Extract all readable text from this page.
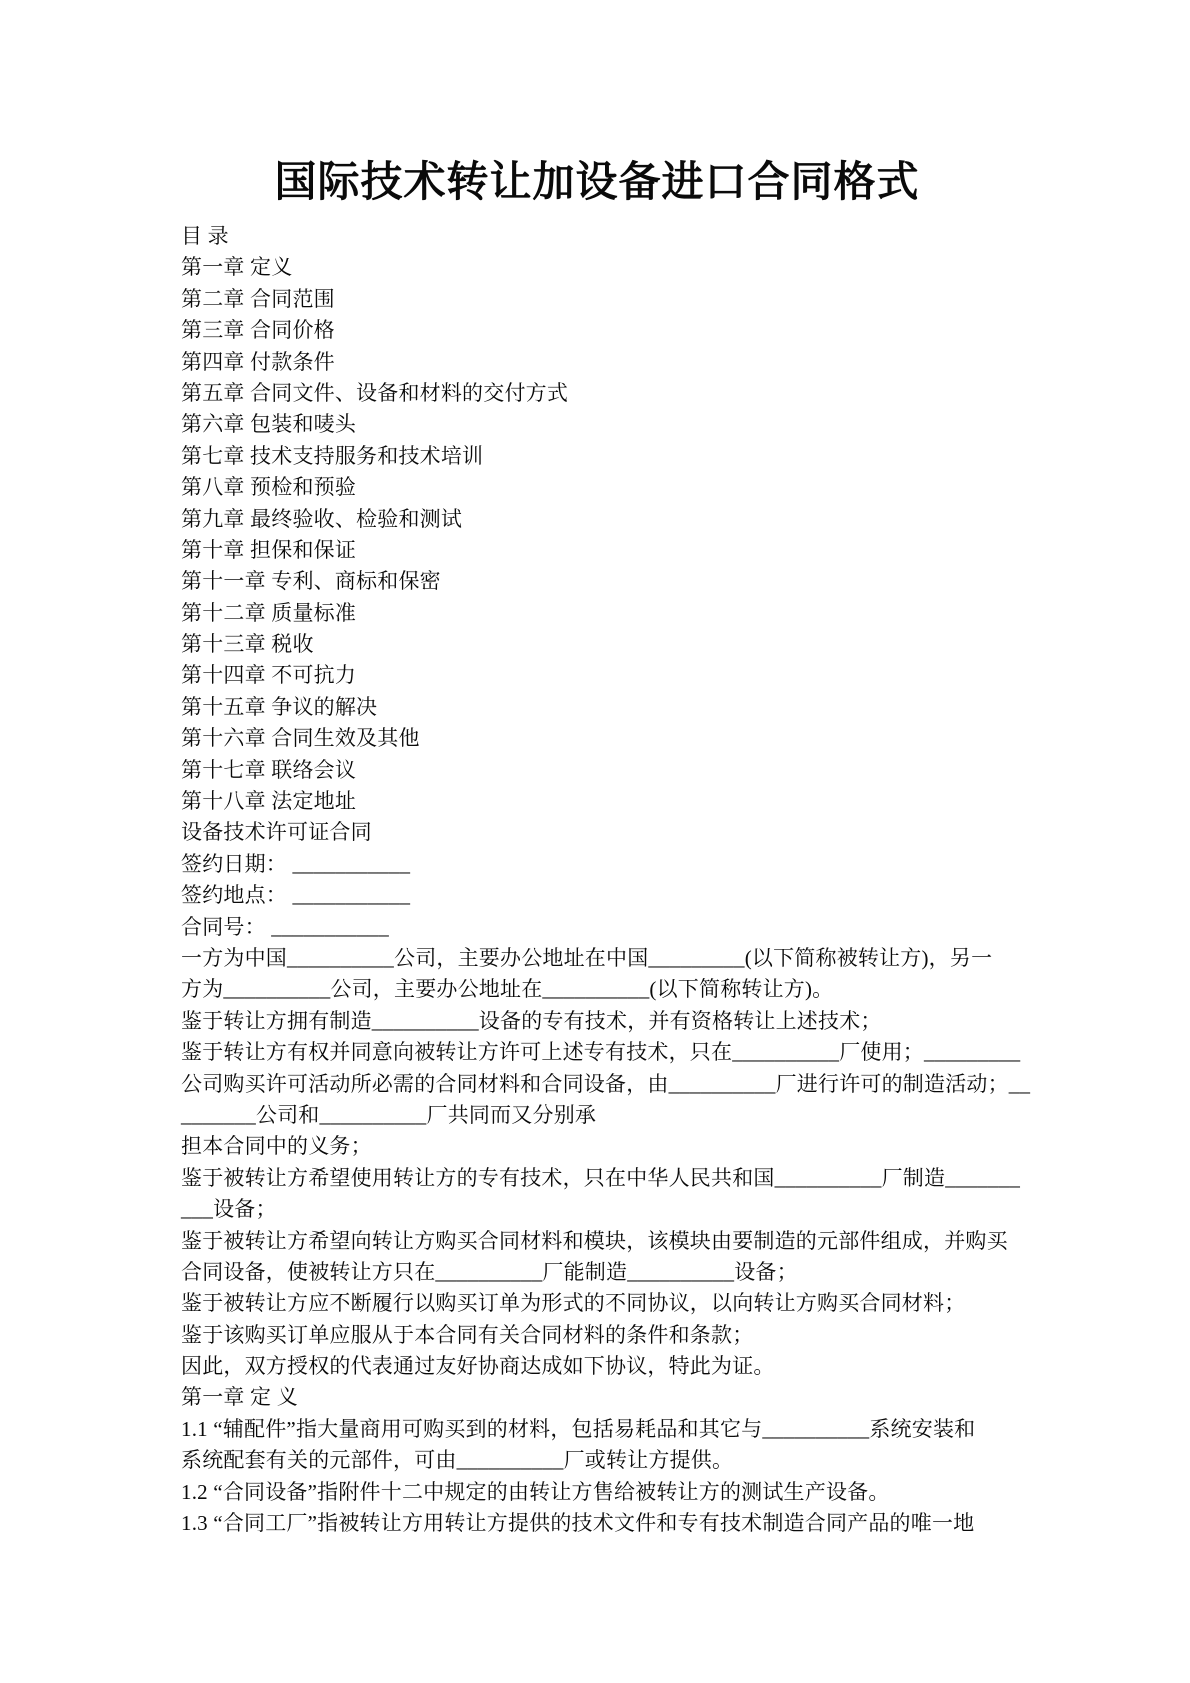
国际技术转让加设备进口合同格式
目 录
第一章 定义
第二章 合同范围
第三章 合同价格
第四章 付款条件
第五章 合同文件、设备和材料的交付方式
第六章 包装和唛头
第七章 技术支持服务和技术培训
第八章 预检和预验
第九章 最终验收、检验和测试
第十章 担保和保证
第十一章 专利、商标和保密
第十二章 质量标准
第十三章 税收
第十四章 不可抗力
第十五章 争议的解决
第十六章 合同生效及其他
第十七章 联络会议
第十八章 法定地址
设备技术许可证合同
签约日期： ___________
签约地点： ___________
合同号： ___________
一方为中国__________公司，主要办公地址在中国_________(以下简称被转让方)，另一
方为__________公司，主要办公地址在__________(以下简称转让方)。
鉴于转让方拥有制造__________设备的专有技术，并有资格转让上述技术；
鉴于转让方有权并同意向被转让方许可上述专有技术，只在__________厂使用；_________
公司购买许可活动所必需的合同材料和合同设备，由__________厂进行许可的制造活动；__
_______公司和__________厂共同而又分别承
担本合同中的义务；
鉴于被转让方希望使用转让方的专有技术，只在中华人民共和国__________厂制造_______
___设备；
鉴于被转让方希望向转让方购买合同材料和模块，该模块由要制造的元部件组成，并购买
合同设备，使被转让方只在__________厂能制造__________设备；
鉴于被转让方应不断履行以购买订单为形式的不同协议，以向转让方购买合同材料；
鉴于该购买订单应服从于本合同有关合同材料的条件和条款；
因此，双方授权的代表通过友好协商达成如下协议，特此为证。
第一章 定 义
1.1 “辅配件”指大量商用可购买到的材料，包括易耗品和其它与__________系统安装和
系统配套有关的元部件，可由__________厂或转让方提供。
1.2 “合同设备”指附件十二中规定的由转让方售给被转让方的测试生产设备。
1.3 “合同工厂”指被转让方用转让方提供的技术文件和专有技术制造合同产品的唯一地
